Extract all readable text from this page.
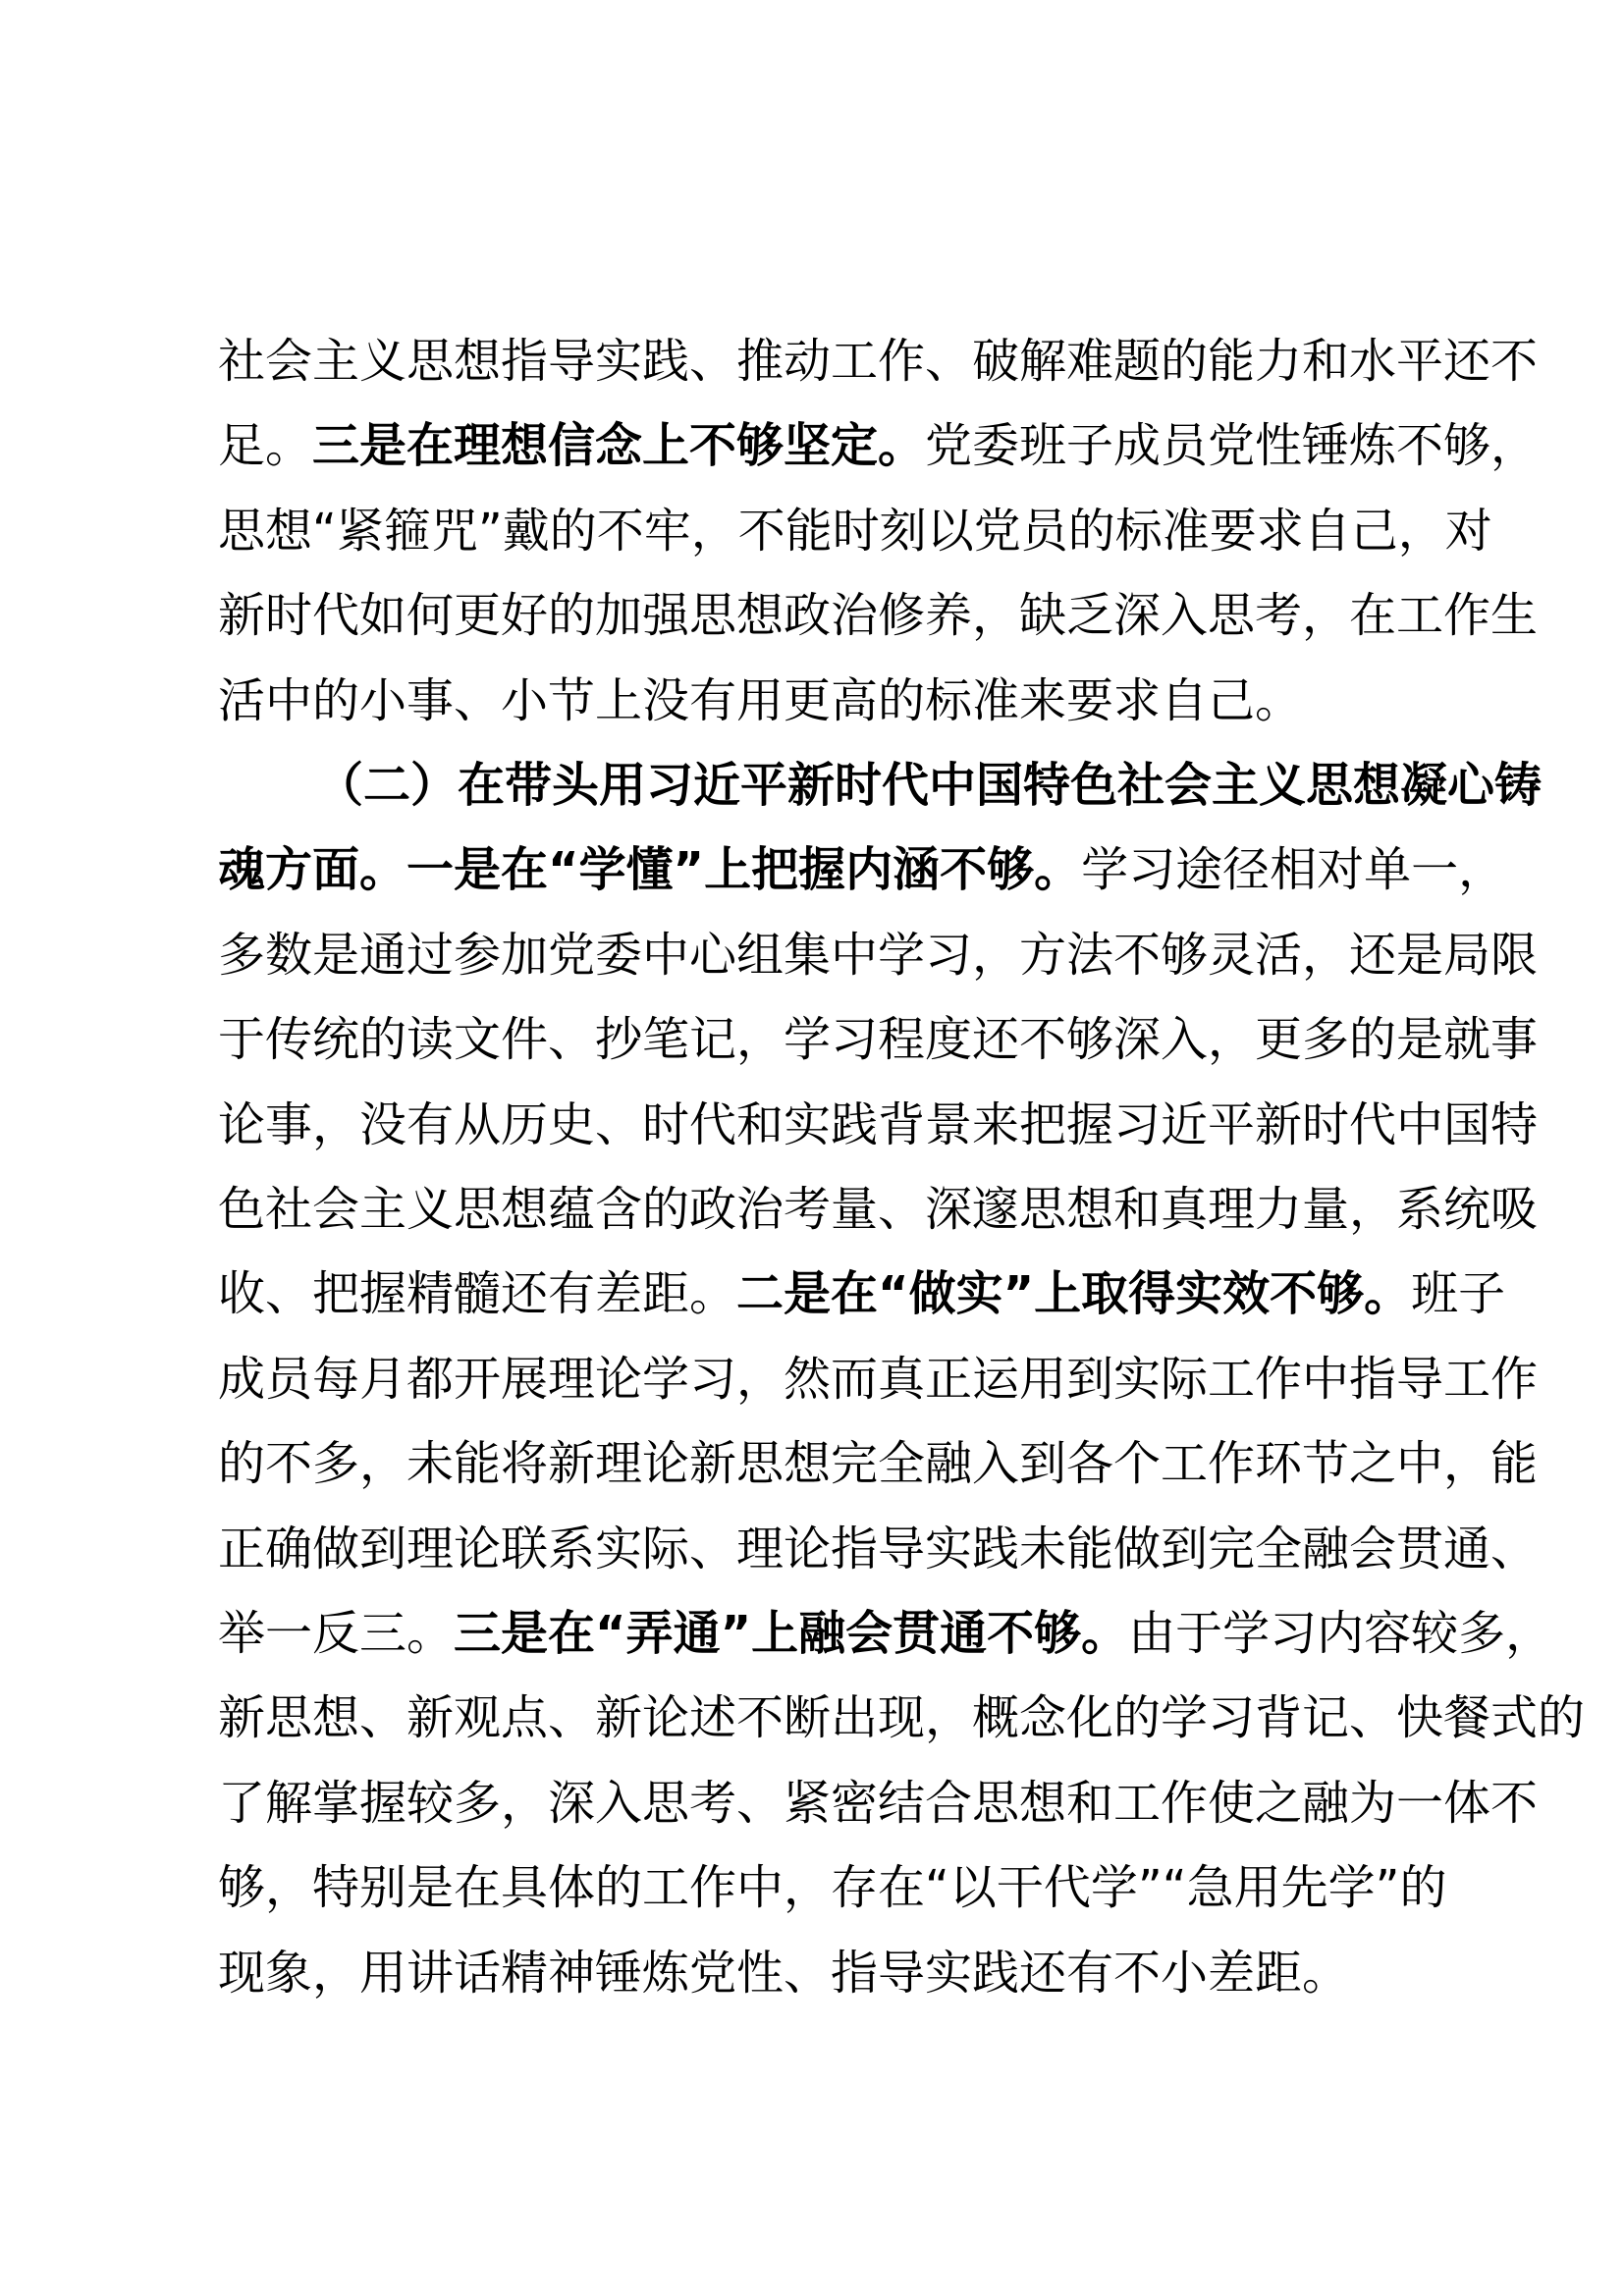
社会主义思想指导实践、推动工作、破解难题的能力和水平还不
足。三是在理想信念上不够坚定。党委班子成员党性锤炼不够，
思想“紧箍咒”戴的不牢，不能时刻以党员的标准要求自己，对
新时代如何更好的加强思想政治修养，缺乏深入思考，在工作生
活中的小事、小节上没有用更高的标准来要求自己。
（二）在带头用习近平新时代中国特色社会主义思想凝心铸
魂方面。一是在“学懂”上把握内涵不够。学习途径相对单一，
多数是通过参加党委中心组集中学习，方法不够灵活，还是局限
于传统的读文件、抄笔记，学习程度还不够深入，更多的是就事
论事，没有从历史、时代和实践背景来把握习近平新时代中国特
色社会主义思想蕴含的政治考量、深邃思想和真理力量，系统吸
收、把握精髓还有差距。二是在“做实”上取得实效不够。班子
成员每月都开展理论学习，然而真正运用到实际工作中指导工作
的不多，未能将新理论新思想完全融入到各个工作环节之中，能
正确做到理论联系实际、理论指导实践未能做到完全融会贯通、
举一反三。三是在“弄通”上融会贯通不够。由于学习内容较多，
新思想、新观点、新论述不断出现，概念化的学习背记、快餐式的
了解掌握较多，深入思考、紧密结合思想和工作使之融为一体不
够，特别是在具体的工作中，存在“以干代学”“急用先学”的
现象，用讲话精神锤炼党性、指导实践还有不小差距。
